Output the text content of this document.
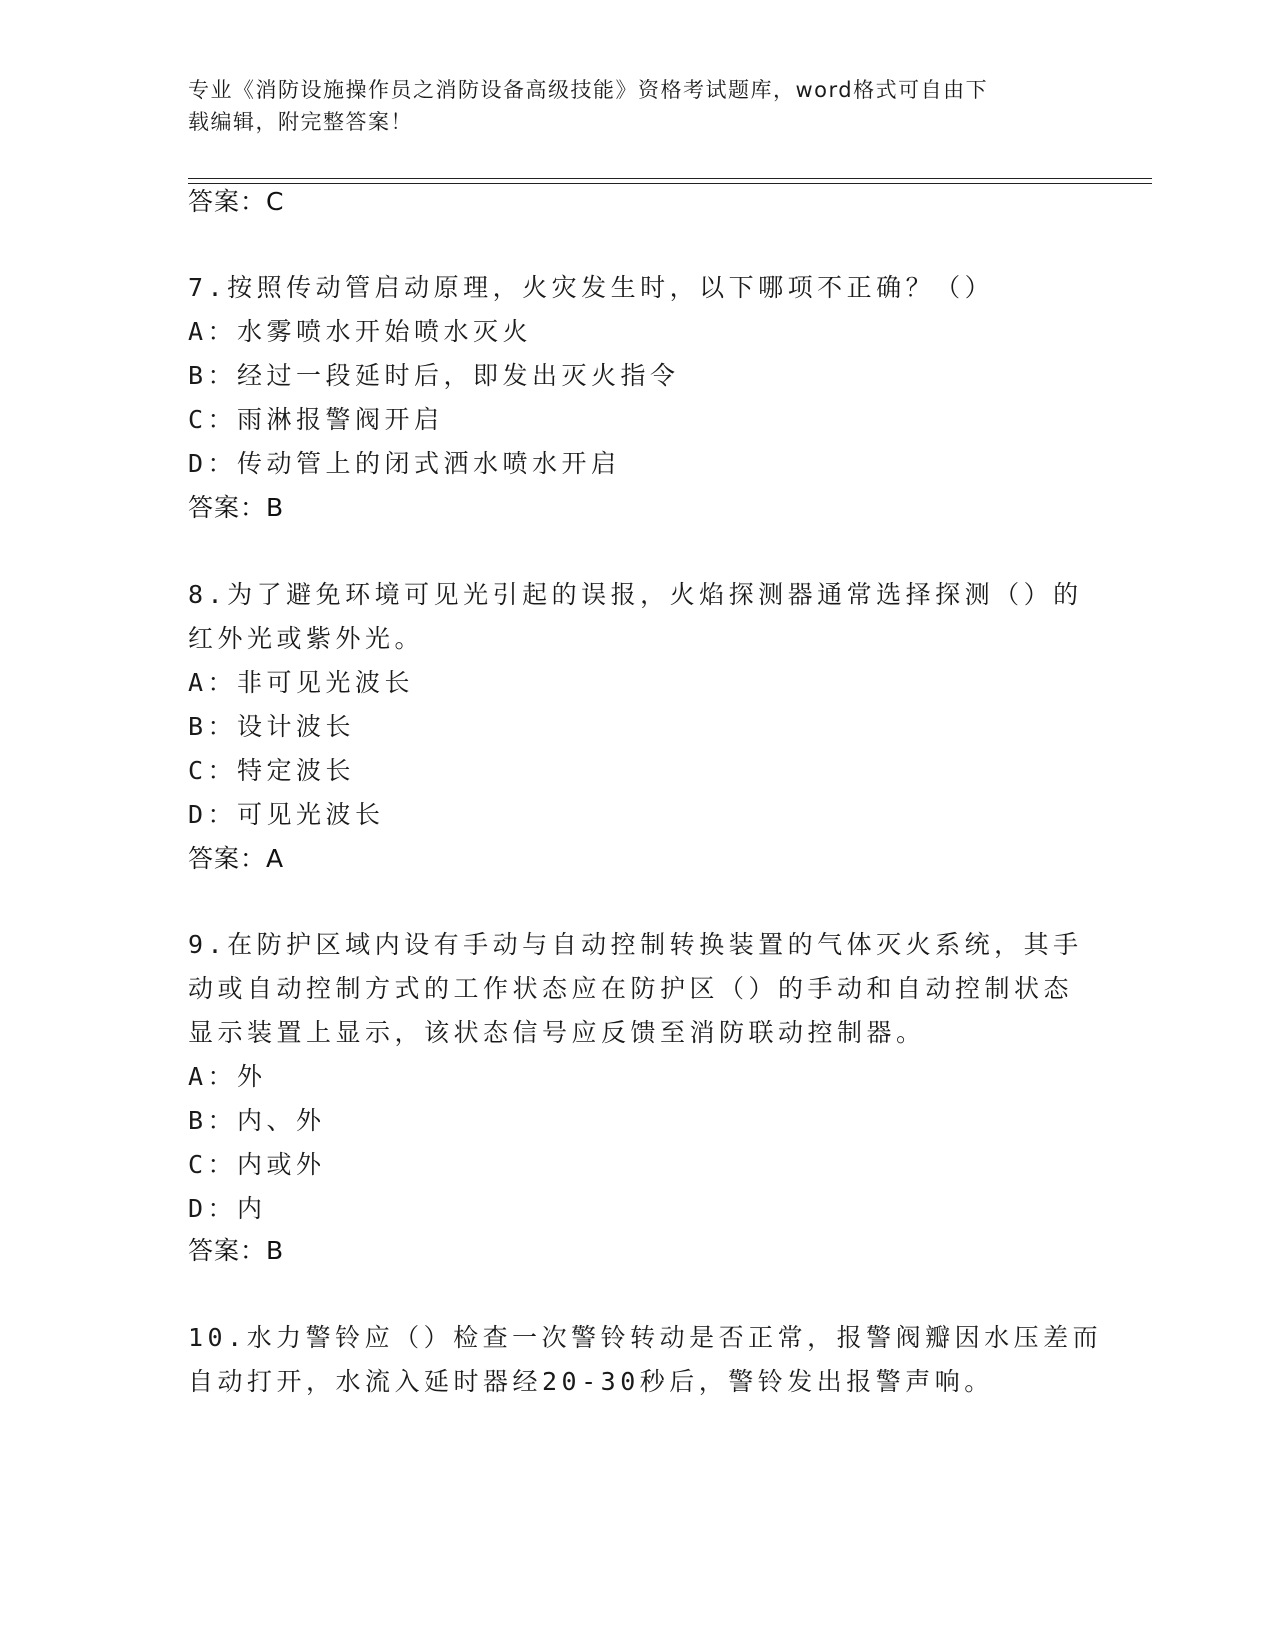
专业《消防设施操作员之消防设备高级技能》资格考试题库，word格式可自由下
载编辑，附完整答案！
答案：C
7.按照传动管启动原理，火灾发生时，以下哪项不正确？（）
A：水雾喷水开始喷水灭火
B：经过一段延时后，即发出灭火指令
C：雨淋报警阀开启
D：传动管上的闭式洒水喷水开启
答案：B
8.为了避免环境可见光引起的误报，火焰探测器通常选择探测（）的
红外光或紫外光。
A：非可见光波长
B：设计波长
C：特定波长
D：可见光波长
答案：A
9.在防护区域内设有手动与自动控制转换装置的气体灭火系统，其手
动或自动控制方式的工作状态应在防护区（）的手动和自动控制状态
显示装置上显示，该状态信号应反馈至消防联动控制器。
A：外
B：内、外
C：内或外
D：内
答案：B
10.水力警铃应（）检查一次警铃转动是否正常，报警阀瓣因水压差而
自动打开，水流入延时器经20-30秒后，警铃发出报警声响。
